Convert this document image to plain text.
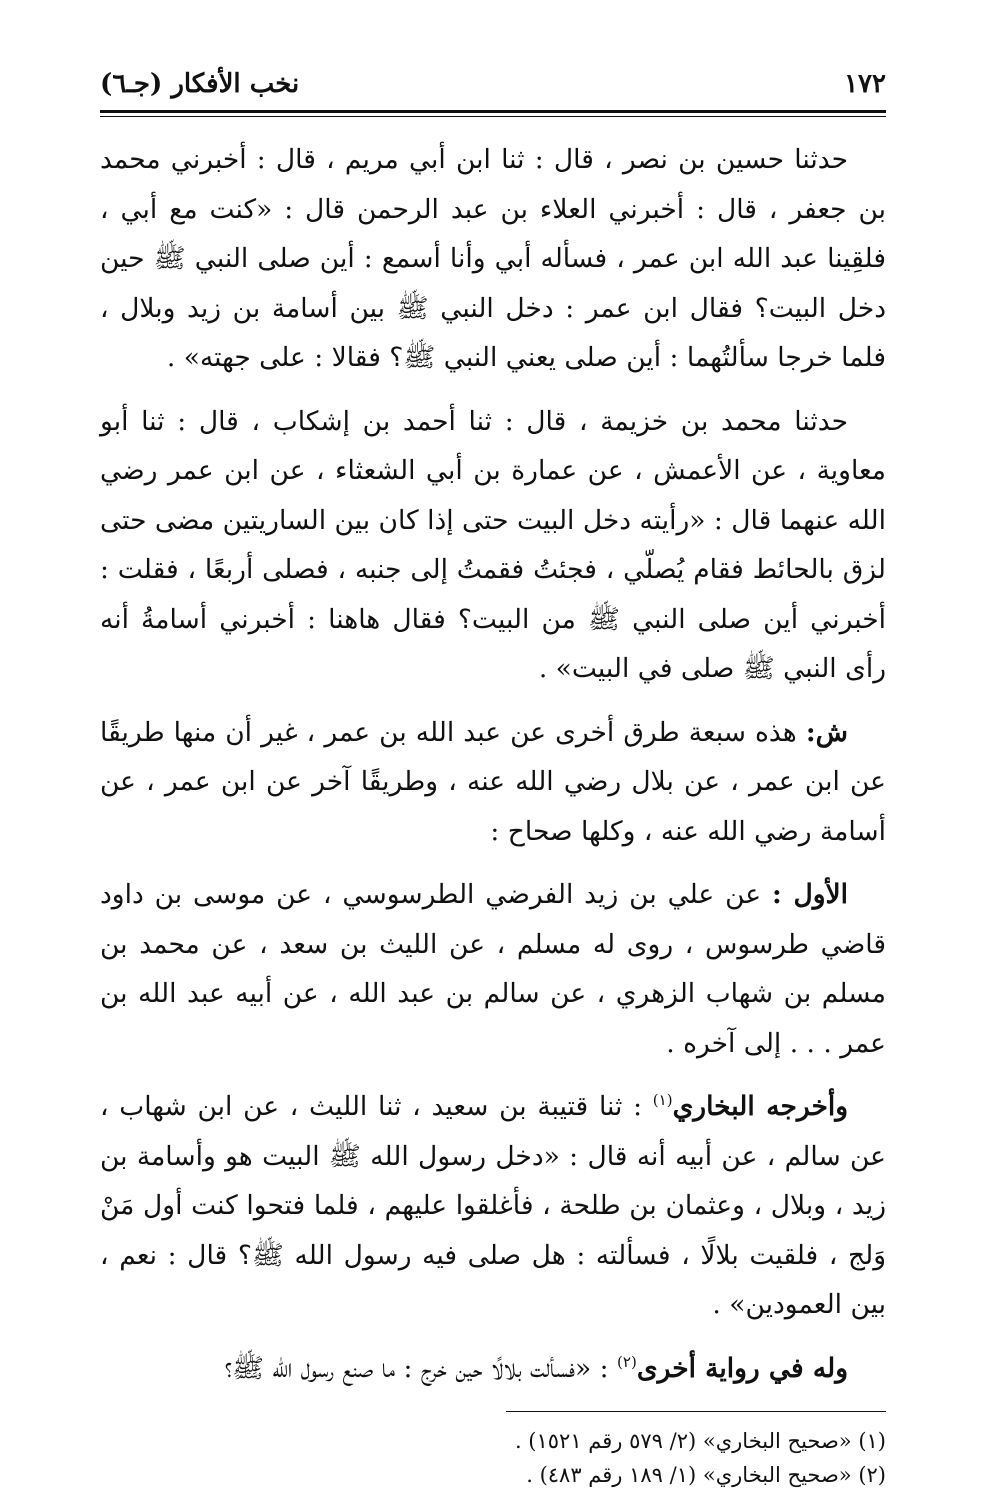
١٧٢
نخب الأفكار (جـ٦)

حدثنا حسين بن نصر ، قال : ثنا ابن أبي مريم ، قال : أخبرني محمد بن جعفر ، قال : أخبرني العلاء بن عبد الرحمن قال : «كنت مع أبي ، فلقِينا عبد الله ابن عمر ، فسأله أبي وأنا أسمع : أين صلى النبي ﷺ حين دخل البيت؟ فقال ابن عمر : دخل النبي ﷺ بين أسامة بن زيد وبلال ، فلما خرجا سألتُهما : أين صلى يعني النبي ﷺ؟ فقالا : على جهته» .

حدثنا محمد بن خزيمة ، قال : ثنا أحمد بن إشكاب ، قال : ثنا أبو معاوية ، عن الأعمش ، عن عمارة بن أبي الشعثاء ، عن ابن عمر رضي الله عنهما قال : «رأيته دخل البيت حتى إذا كان بين الساريتين مضى حتى لزق بالحائط فقام يُصلّي ، فجئتُ فقمتُ إلى جنبه ، فصلى أربعًا ، فقلت : أخبرني أين صلى النبي ﷺ من البيت؟ فقال هاهنا : أخبرني أسامةُ أنه رأى النبي ﷺ صلى في البيت» .

ش: هذه سبعة طرق أخرى عن عبد الله بن عمر ، غير أن منها طريقًا عن ابن عمر ، عن بلال رضي الله عنه ، وطريقًا آخر عن ابن عمر ، عن أسامة رضي الله عنه ، وكلها صحاح :

الأول : عن علي بن زيد الفرضي الطرسوسي ، عن موسى بن داود قاضي طرسوس ، روى له مسلم ، عن الليث بن سعد ، عن محمد بن مسلم بن شهاب الزهري ، عن سالم بن عبد الله ، عن أبيه عبد الله بن عمر . . . إلى آخره .

وأخرجه البخاري$^{(١)}$ : ثنا قتيبة بن سعيد ، ثنا الليث ، عن ابن شهاب ، عن سالم ، عن أبيه أنه قال : «دخل رسول الله ﷺ البيت هو وأسامة بن زيد ، وبلال ، وعثمان بن طلحة ، فأغلقوا عليهم ، فلما فتحوا كنت أول مَنْ وَلج ، فلقيت بلالًا ، فسألته : هل صلى فيه رسول الله ﷺ؟ قال : نعم ، بين العمودين» .

وله في رواية أخرى$^{(٢)}$ : «فسألت بلالًا حين خرج : ما صنع رسول الله ﷺ؟

(١) «صحيح البخاري» (٢/ ٥٧٩ رقم ١٥٢١) .

(٢) «صحيح البخاري» (١/ ١٨٩ رقم ٤٨٣) .
